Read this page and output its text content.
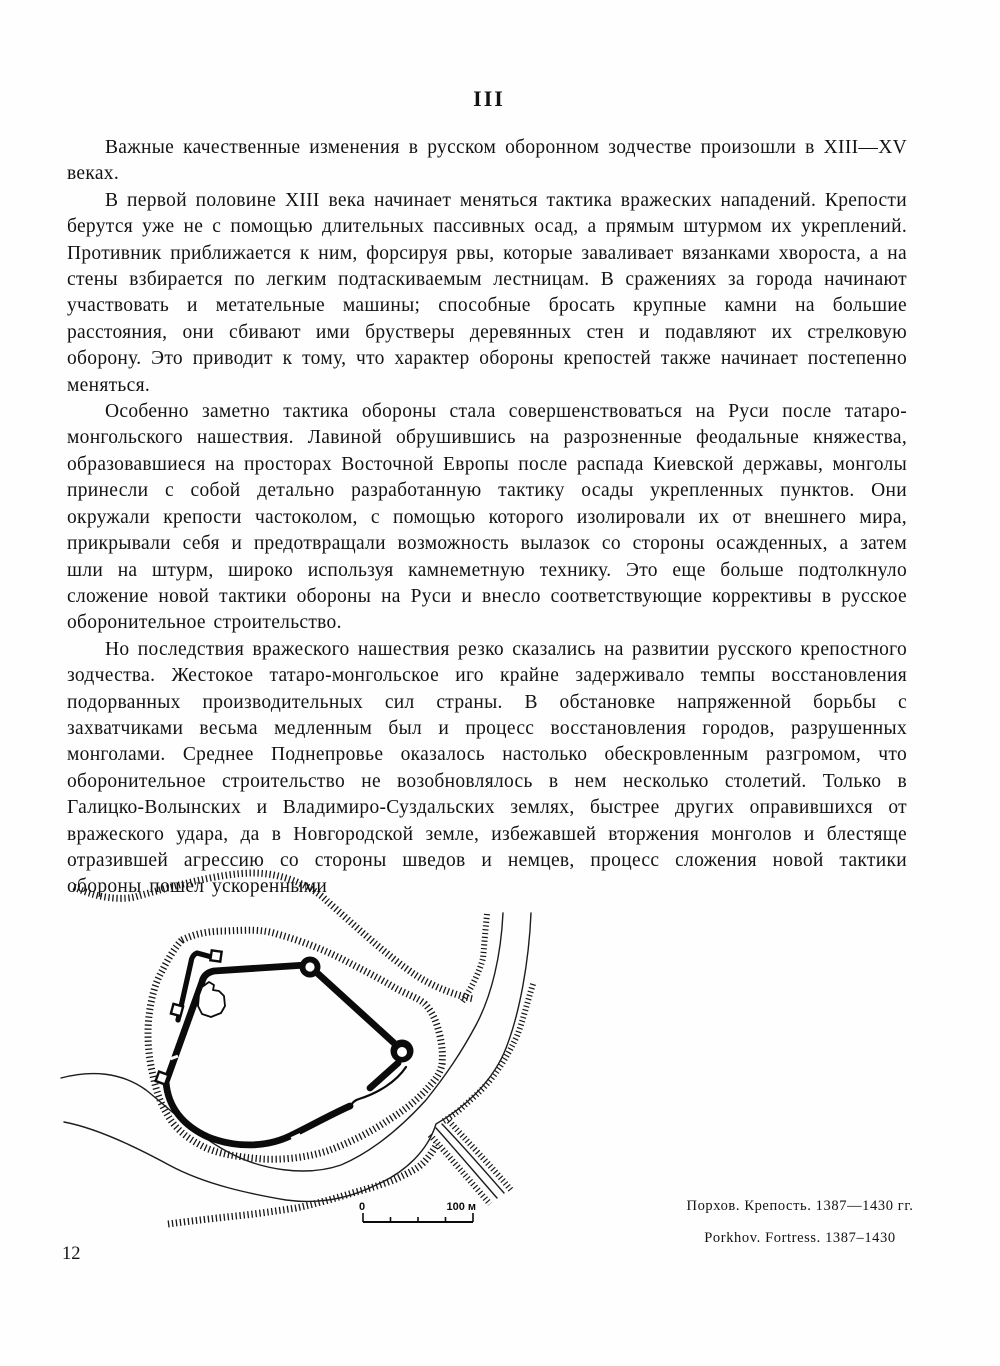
III

Важные качественные изменения в русском оборонном зодчестве произошли в XIII—XV веках.

В первой половине XIII века начинает меняться тактика вражеских нападений. Крепости берутся уже не с помощью длительных пассивных осад, а прямым штурмом их укреплений. Противник приближается к ним, форсируя рвы, которые заваливает вязанками хвороста, а на стены взбирается по легким подтаскиваемым лестницам. В сражениях за города начинают участвовать и метательные машины; способные бросать крупные камни на большие расстояния, они сбивают ими брустверы деревянных стен и подавляют их стрелковую оборону. Это приводит к тому, что характер обороны крепостей также начинает постепенно меняться.

Особенно заметно тактика обороны стала совершенствоваться на Руси после татаро-монгольского нашествия. Лавиной обрушившись на разрозненные феодальные княжества, образовавшиеся на просторах Восточной Европы после распада Киевской державы, монголы принесли с собой детально разработанную тактику осады укрепленных пунктов. Они окружали крепости частоколом, с помощью которого изолировали их от внешнего мира, прикрывали себя и предотвращали возможность вылазок со стороны осажденных, а затем шли на штурм, широко используя камнеметную технику. Это еще больше подтолкнуло сложение новой тактики обороны на Руси и внесло соответствующие коррективы в русское оборонительное строительство.

Но последствия вражеского нашествия резко сказались на развитии русского крепостного зодчества. Жестокое татаро-монгольское иго крайне задерживало темпы восстановления подорванных производительных сил страны. В обстановке напряженной борьбы с захватчиками весьма медленным был и процесс восстановления городов, разрушенных монголами. Среднее Поднепровье оказалось настолько обескровленным разгромом, что оборонительное строительство не возобновлялось в нем несколько столетий. Только в Галицко-Волынских и Владимиро-Суздальских землях, быстрее других оправившихся от вражеского удара, да в Новгородской земле, избежавшей вторжения монголов и блестяще отразившей агрессию со стороны шведов и немцев, процесс сложения новой тактики обороны пошел ускоренными

0	100 м	Порхов. Крепость. 1387—1430 гг.
Porkhov. Fortress. 1387–1430
12
